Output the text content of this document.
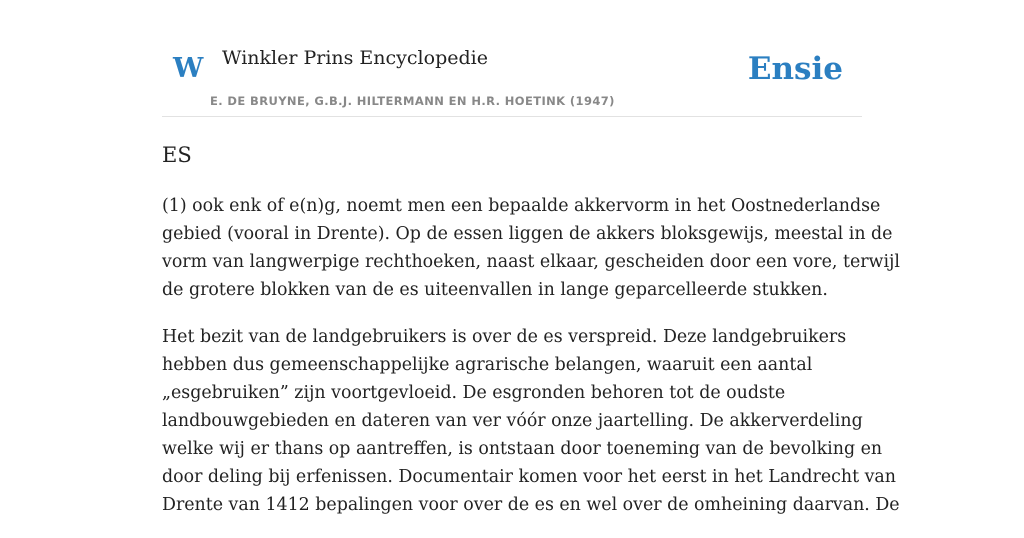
W Winkler Prins Encyclopedie
E. DE BRUYNE, G.B.J. HILTERMANN EN H.R. HOETINK (1947)
Ensie
ES

(1) ook enk of e(n)g, noemt men een bepaalde akkervorm in het Oostnederlandse
gebied (vooral in Drente). Op de essen liggen de akkers bloksgewijs, meestal in de
vorm van langwerpige rechthoeken, naast elkaar, gescheiden door een vore, terwijl
de grotere blokken van de es uiteenvallen in lange geparcelleerde stukken.

Het bezit van de landgebruikers is over de es verspreid. Deze landgebruikers
hebben dus gemeenschappelijke agrarische belangen, waaruit een aantal
„esgebruiken” zijn voortgevloeid. De esgronden behoren tot de oudste
landbouwgebieden en dateren van ver vóór onze jaartelling. De akkerverdeling
welke wij er thans op aantreffen, is ontstaan door toeneming van de bevolking en
door deling bij erfenissen. Documentair komen voor het eerst in het Landrecht van
Drente van 1412 bepalingen voor over de es en wel over de omheining daarvan. De
